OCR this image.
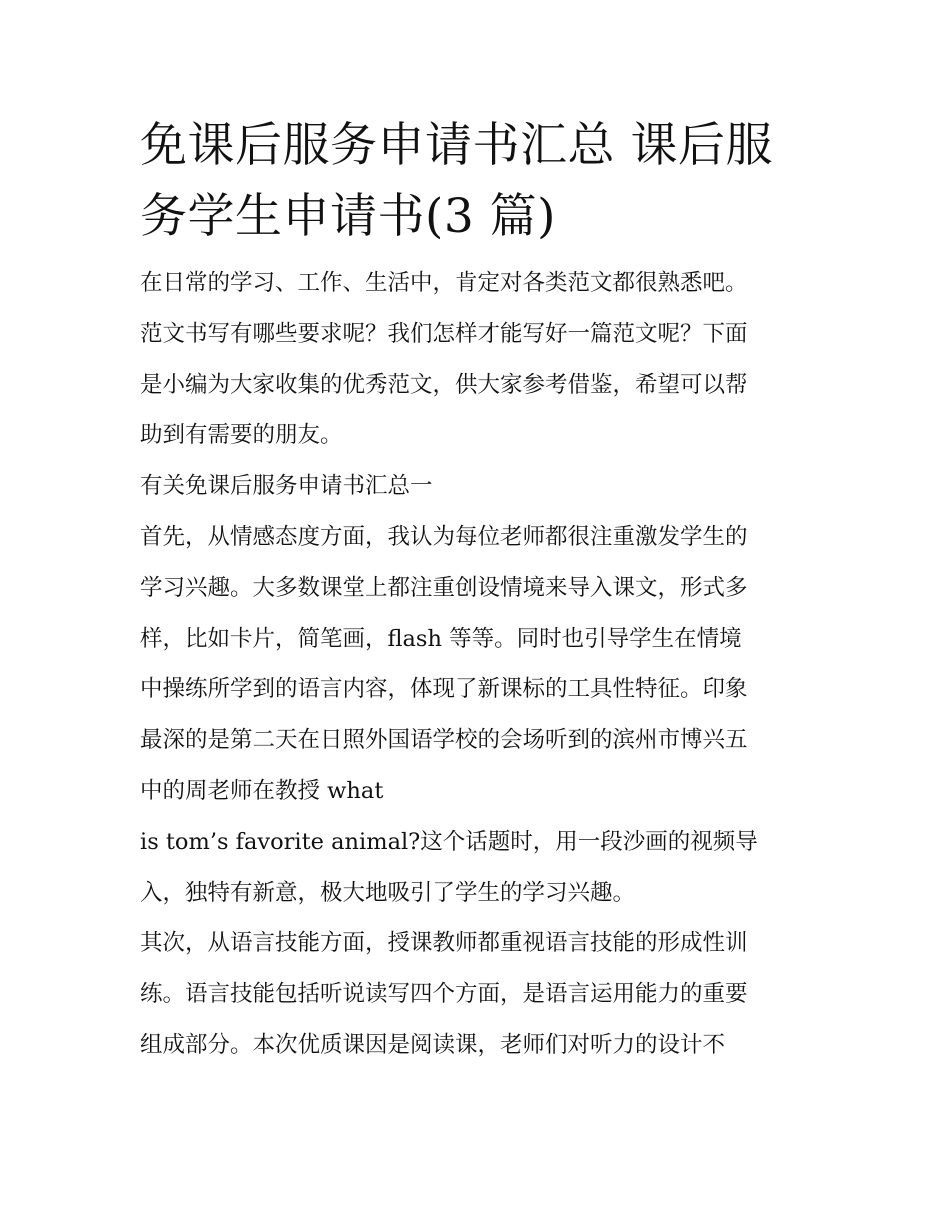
免课后服务申请书汇总 课后服
务学生申请书(3 篇)

在日常的学习、工作、生活中，肯定对各类范文都很熟悉吧。
范文书写有哪些要求呢？我们怎样才能写好一篇范文呢？下面
是小编为大家收集的优秀范文，供大家参考借鉴，希望可以帮
助到有需要的朋友。

有关免课后服务申请书汇总一

首先，从情感态度方面，我认为每位老师都很注重激发学生的
学习兴趣。大多数课堂上都注重创设情境来导入课文，形式多
样，比如卡片，简笔画，flash 等等。同时也引导学生在情境
中操练所学到的语言内容，体现了新课标的工具性特征。印象
最深的是第二天在日照外国语学校的会场听到的滨州市博兴五
中的周老师在教授 what

is tom’s favorite animal?这个话题时，用一段沙画的视频导
入，独特有新意，极大地吸引了学生的学习兴趣。

其次，从语言技能方面，授课教师都重视语言技能的形成性训
练。语言技能包括听说读写四个方面，是语言运用能力的重要
组成部分。本次优质课因是阅读课，老师们对听力的设计不
